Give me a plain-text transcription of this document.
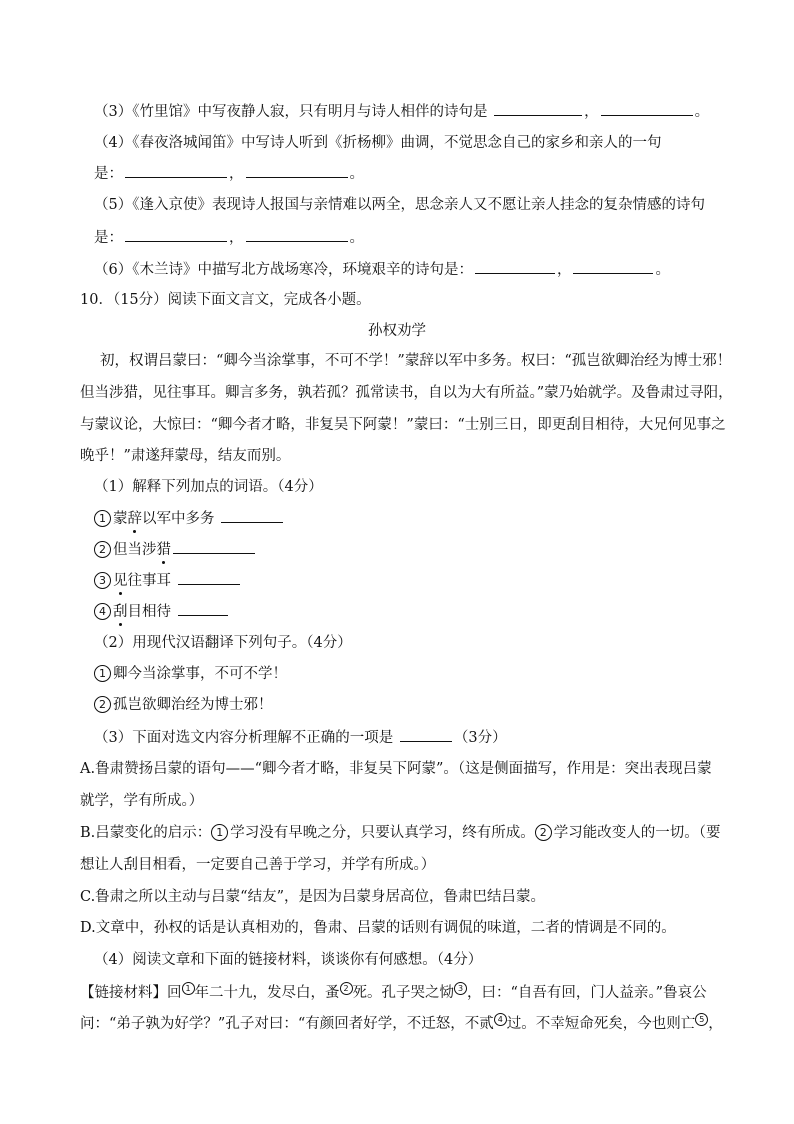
（3）《竹里馆》中写夜静人寂，只有明月与诗人相伴的诗句是	，	。
（4）《春夜洛城闻笛》中写诗人听到《折杨柳》曲调，不觉思念自己的家乡和亲人的一句
是：	，	。
（5）《逢入京使》表现诗人报国与亲情难以两全，思念亲人又不愿让亲人挂念的复杂情感的诗句
是：	，	。
（6）《木兰诗》中描写北方战场寒冷，环境艰辛的诗句是：	，	。
10．（15分）阅读下面文言文，完成各小题。
孙权劝学
初，权谓吕蒙曰：“卿今当涂掌事，不可不学！”蒙辞以军中多务。权曰：“孤岂欲卿治经为博士邪！
但当涉猎，见往事耳。卿言多务，孰若孤？孤常读书，自以为大有所益。”蒙乃始就学。及鲁肃过寻阳，
与蒙议论，大惊曰：“卿今者才略，非复吴下阿蒙！”蒙曰：“士别三日，即更刮目相待，大兄何见事之
晚乎！”肃遂拜蒙母，结友而别。
（1）解释下列加点的词语。（4分）
1 蒙辞以军中多务
2 但当涉猎
3 见往事耳
4 刮目相待
（2）用现代汉语翻译下列句子。（4分）
1 卿今当涂掌事，不可不学！
2 孤岂欲卿治经为博士邪！
（3）下面对选文内容分析理解不正确的一项是	（3分）
A.鲁肃赞扬吕蒙的语句——“卿今者才略，非复吴下阿蒙”。（这是侧面描写，作用是：突出表现吕蒙
就学，学有所成。）
B.吕蒙变化的启示： 1 学习没有早晚之分，只要认真学习，终有所成。 2 学习能改变人的一切。（要
想让人刮目相看，一定要自己善于学习，并学有所成。）
C.鲁肃之所以主动与吕蒙“结友”，是因为吕蒙身居高位，鲁肃巴结吕蒙。
D.文章中，孙权的话是认真相劝的，鲁肃、吕蒙的话则有调侃的味道，二者的情调是不同的。
（4）阅读文章和下面的链接材料，谈谈你有何感想。（4分）
【链接材料】回 1 年二十九，发尽白，蚤 2 死。孔子哭之恸 3 ，曰：“自吾有回，门人益亲。”鲁哀公
问：“弟子孰为好学？”孔子对曰：“有颜回者好学，不迁怒，不贰 4 过。不幸短命死矣，今也则亡 5 ，
